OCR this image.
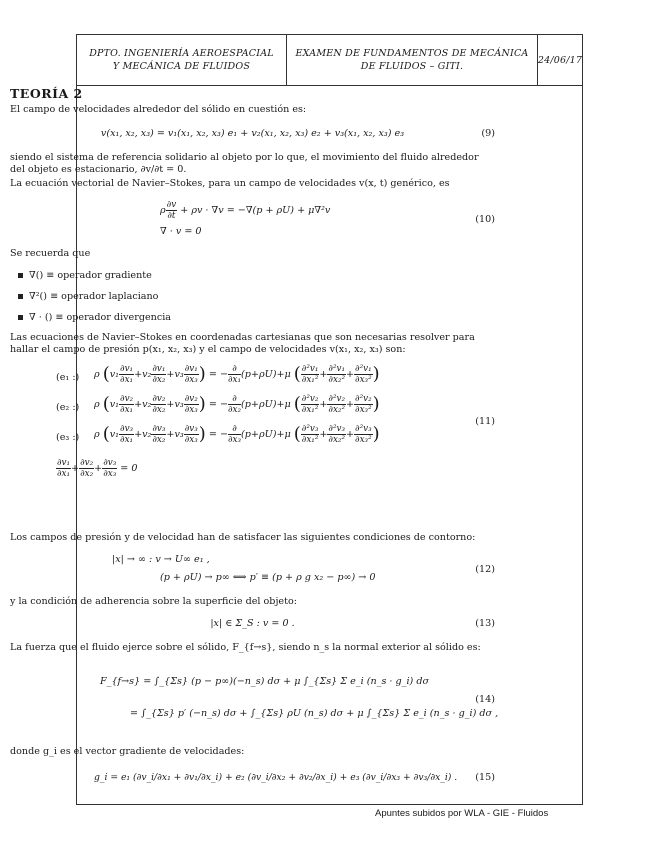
DPTO. INGENIERÍA AEROESPACIAL
Y MECÁNICA DE FLUIDOS
EXAMEN DE FUNDAMENTOS DE MECÁNICA
DE FLUIDOS – GITI.
24/06/17
TEORÍA 2
El campo de velocidades alrededor del sólido en cuestión es:
v(x₁, x₂, x₃) = v₁(x₁, x₂, x₃) e₁ + v₂(x₁, x₂, x₃) e₂ + v₃(x₁, x₂, x₃) e₃	(9)
siendo el sistema de referencia solidario al objeto por lo que, el movimiento del fluido alrededor del objeto es estacionario, ∂v/∂t = 0.
La ecuación vectorial de Navier–Stokes, para un campo de velocidades v(x, t) genérico, es
ρ $\frac{\partial v}{\partial t} + \rho v \cdot \nabla v = -\nabla(p + \rho U) + \mu\nabla^2v$
∇ · v = 0
(10)
Se recuerda que
∇() ≡ operador gradiente
∇²() ≡ operador laplaciano
∇ · () ≡ operador divergencia
Las ecuaciones de Navier–Stokes en coordenadas cartesianas que son necesarias resolver para hallar el campo de presión p(x₁, x₂, x₃) y el campo de velocidades v(x₁, x₂, x₃) son:
(e₁ :)
(e₂ :)
(e₃ :)
ρ ($v_1 \frac{\text{∂v₁}}{\text{∂x₁}} +v_2 \frac{\text{∂v₁}}{\text{∂x₂}} +v_3 \frac{\text{∂v₁}}{\text{∂x₃}}$ ) = − $\frac{\partial}{\text{∂x₁}} (p+\rho U)+\mu$ ( $\frac{\text{∂²v₁}}{\text{∂x₁²}} + \frac{\text{∂²v₁}}{\text{∂x₂²}} + \frac{\text{∂²v₁}}{\text{∂x₃²}}$ )
ρ ($v_1 \frac{\text{∂v₂}}{\text{∂x₁}} +v_2 \frac{\text{∂v₂}}{\text{∂x₂}} +v_3 \frac{\text{∂v₂}}{\text{∂x₃}}$ ) = − $\frac{\partial}{\text{∂x₂}} (p+\rho U)+\mu$ ( $\frac{\text{∂²v₂}}{\text{∂x₁²}} + \frac{\text{∂²v₂}}{\text{∂x₂²}} + \frac{\text{∂²v₂}}{\text{∂x₃²}}$ )
ρ ($v_1 \frac{\text{∂v₃}}{\text{∂x₁}} +v_2 \frac{\text{∂v₃}}{\text{∂x₂}} +v_3 \frac{\text{∂v₃}}{\text{∂x₃}}$ ) = − $\frac{\partial}{\text{∂x₃}} (p+\rho U)+\mu$ ( $\frac{\text{∂²v₃}}{\text{∂x₁²}} + \frac{\text{∂²v₃}}{\text{∂x₂²}} + \frac{\text{∂²v₃}}{\text{∂x₃²}}$ )
$\frac{\text{∂v₁}}{\text{∂x₁}} + \frac{\text{∂v₂}}{\text{∂x₂}} + \frac{\text{∂v₃}}{\text{∂x₃}} = 0$
(11)
Los campos de presión y de velocidad han de satisfacer las siguientes condiciones de contorno:
|x| → ∞ : v → U∞ e₁ ,
(p + ρU) → p∞ ⟺ p′ ≡ (p + ρ g x₂ − p∞) → 0
(12)
y la condición de adherencia sobre la superficie del objeto:
|x| ∈ Σ_S : v = 0 .	(13)
La fuerza que el fluido ejerce sobre el sólido, F_{f→s}, siendo n_s la normal exterior al sólido es:
F_{f→s} = ∫_{Σs} (p − p∞)(−n_s) dσ + μ ∫_{Σs} Σ e_i (n_s · g_i) dσ
= ∫_{Σs} p′ (−n_s) dσ + ∫_{Σs} ρU (n_s) dσ + μ ∫_{Σs} Σ e_i (n_s · g_i) dσ ,
(14)
donde g_i es el vector gradiente de velocidades:
g_i = e₁ (∂v_i/∂x₁ + ∂v₁/∂x_i) + e₂ (∂v_i/∂x₂ + ∂v₂/∂x_i) + e₃ (∂v_i/∂x₃ + ∂v₃/∂x_i) . (15)
Apuntes subidos por WLA - GIE - Fluidos
